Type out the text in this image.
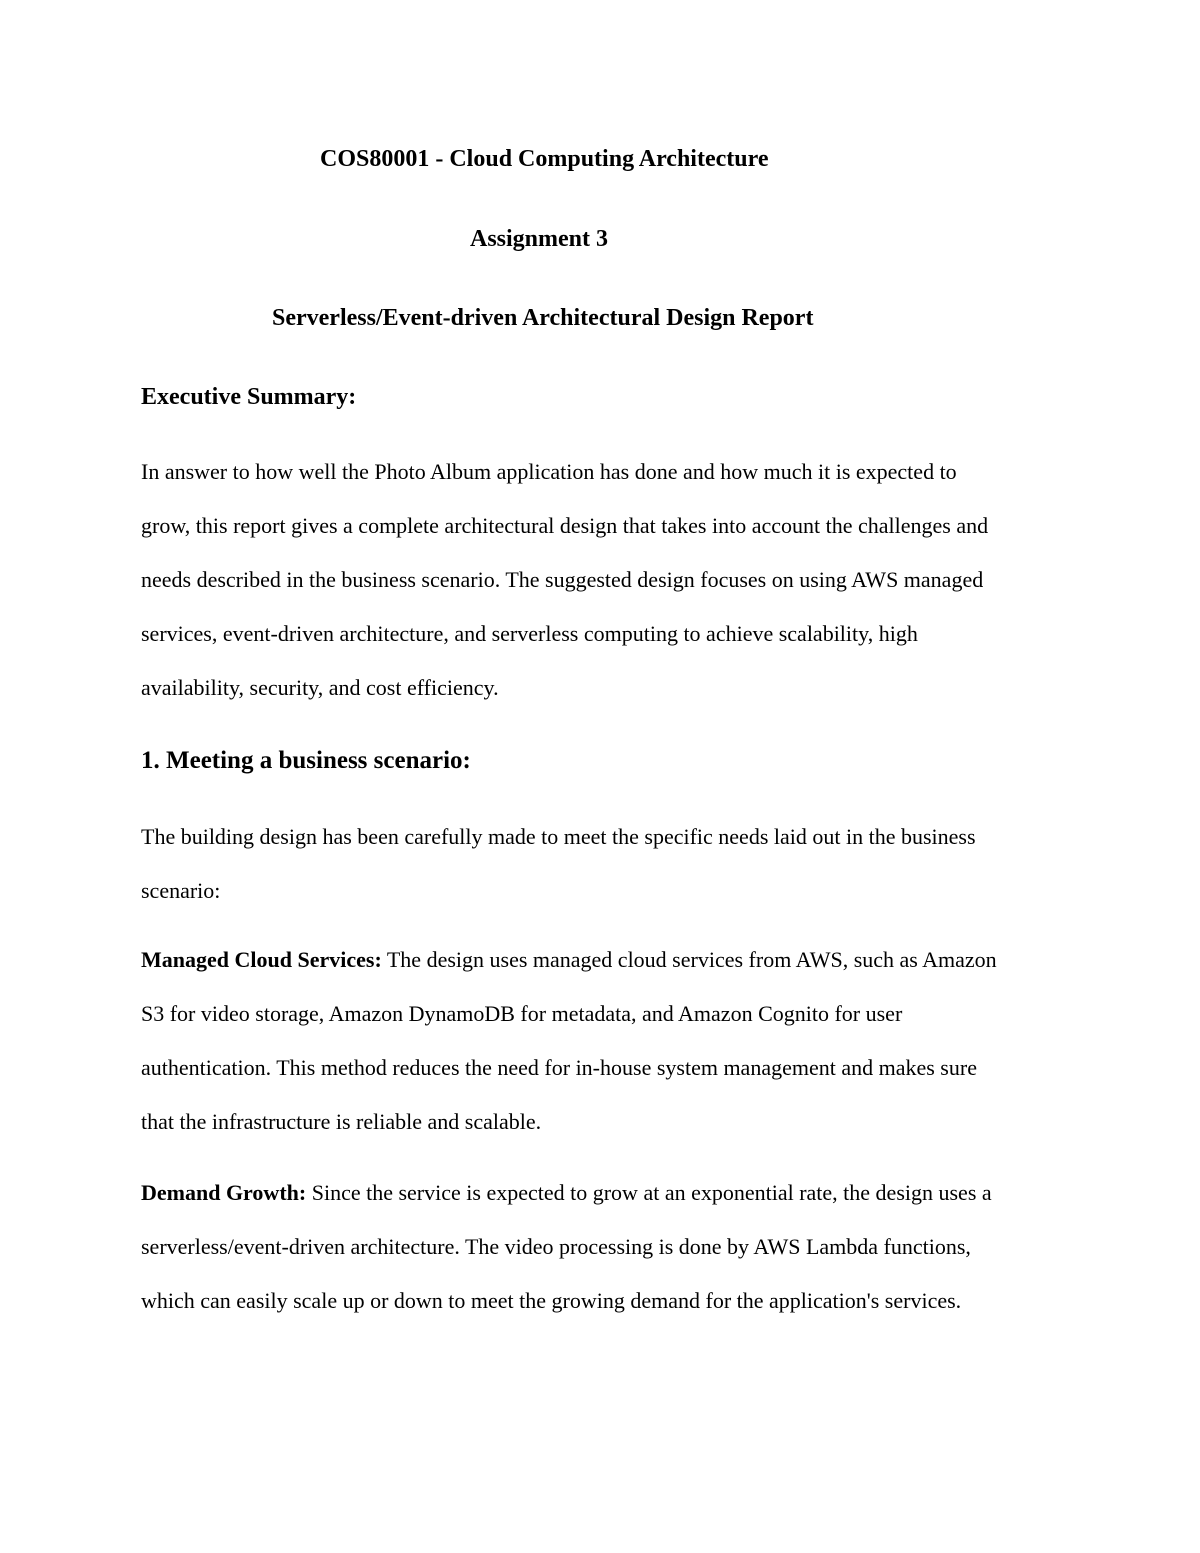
COS80001 - Cloud Computing Architecture
Assignment 3
Serverless/Event-driven Architectural Design Report
Executive Summary:

In answer to how well the Photo Album application has done and how much it is expected to
grow, this report gives a complete architectural design that takes into account the challenges and
needs described in the business scenario. The suggested design focuses on using AWS managed
services, event-driven architecture, and serverless computing to achieve scalability, high
availability, security, and cost efficiency.

1. Meeting a business scenario:

The building design has been carefully made to meet the specific needs laid out in the business
scenario:

Managed Cloud Services: The design uses managed cloud services from AWS, such as Amazon
S3 for video storage, Amazon DynamoDB for metadata, and Amazon Cognito for user
authentication. This method reduces the need for in-house system management and makes sure
that the infrastructure is reliable and scalable.

Demand Growth: Since the service is expected to grow at an exponential rate, the design uses a
serverless/event-driven architecture. The video processing is done by AWS Lambda functions,
which can easily scale up or down to meet the growing demand for the application's services.
